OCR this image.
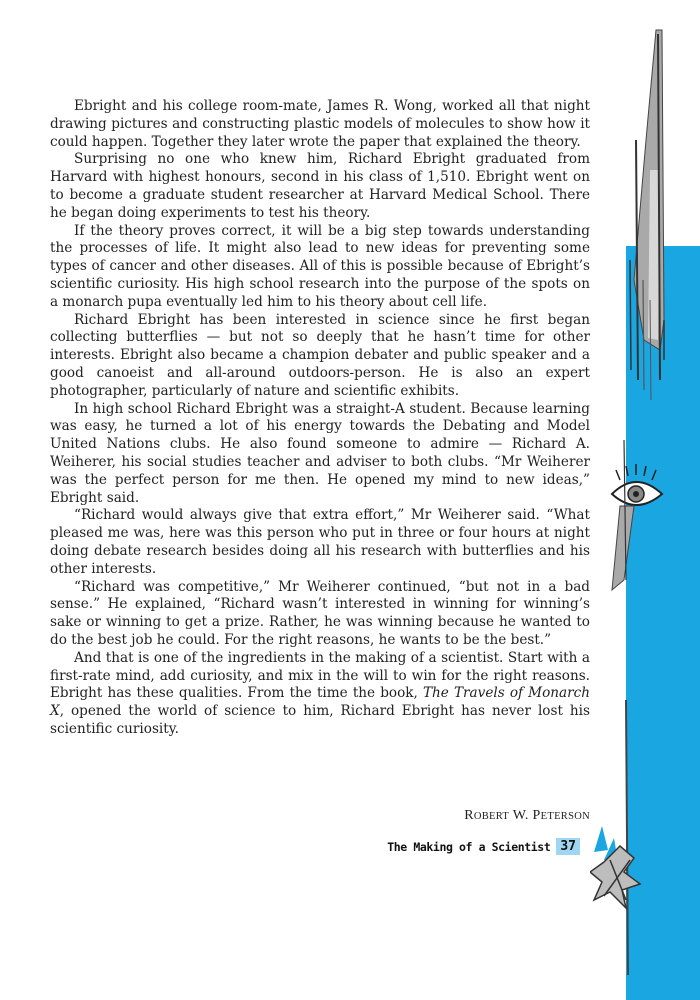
Ebright and his college room-mate, James R. Wong, worked all that night drawing pictures and constructing plastic models of molecules to show how it could happen. Together they later wrote the paper that explained the theory.

Surprising no one who knew him, Richard Ebright graduated from Harvard with highest honours, second in his class of 1,510. Ebright went on to become a graduate student researcher at Harvard Medical School. There he began doing experiments to test his theory.

If the theory proves correct, it will be a big step towards understanding the processes of life. It might also lead to new ideas for preventing some types of cancer and other diseases. All of this is possible because of Ebright’s scientific curiosity. His high school research into the purpose of the spots on a monarch pupa eventually led him to his theory about cell life.

Richard Ebright has been interested in science since he first began collecting butterflies — but not so deeply that he hasn’t time for other interests. Ebright also became a champion debater and public speaker and a good canoeist and all-around outdoors-person. He is also an expert photographer, particularly of nature and scientific exhibits.

In high school Richard Ebright was a straight-A student. Because learning was easy, he turned a lot of his energy towards the Debating and Model United Nations clubs. He also found someone to admire — Richard A. Weiherer, his social studies teacher and adviser to both clubs. “Mr Weiherer was the perfect person for me then. He opened my mind to new ideas,” Ebright said.

“Richard would always give that extra effort,” Mr Weiherer said. “What pleased me was, here was this person who put in three or four hours at night doing debate research besides doing all his research with butterflies and his other interests.

“Richard was competitive,” Mr Weiherer continued, “but not in a bad sense.” He explained, “Richard wasn’t interested in winning for winning’s sake or winning to get a prize. Rather, he was winning because he wanted to do the best job he could. For the right reasons, he wants to be the best.”

And that is one of the ingredients in the making of a scientist. Start with a first-rate mind, add curiosity, and mix in the will to win for the right reasons. Ebright has these qualities. From the time the book, The Travels of Monarch X, opened the world of science to him, Richard Ebright has never lost his scientific curiosity.

ROBERT W. PETERSON
The Making of a Scientist 37
